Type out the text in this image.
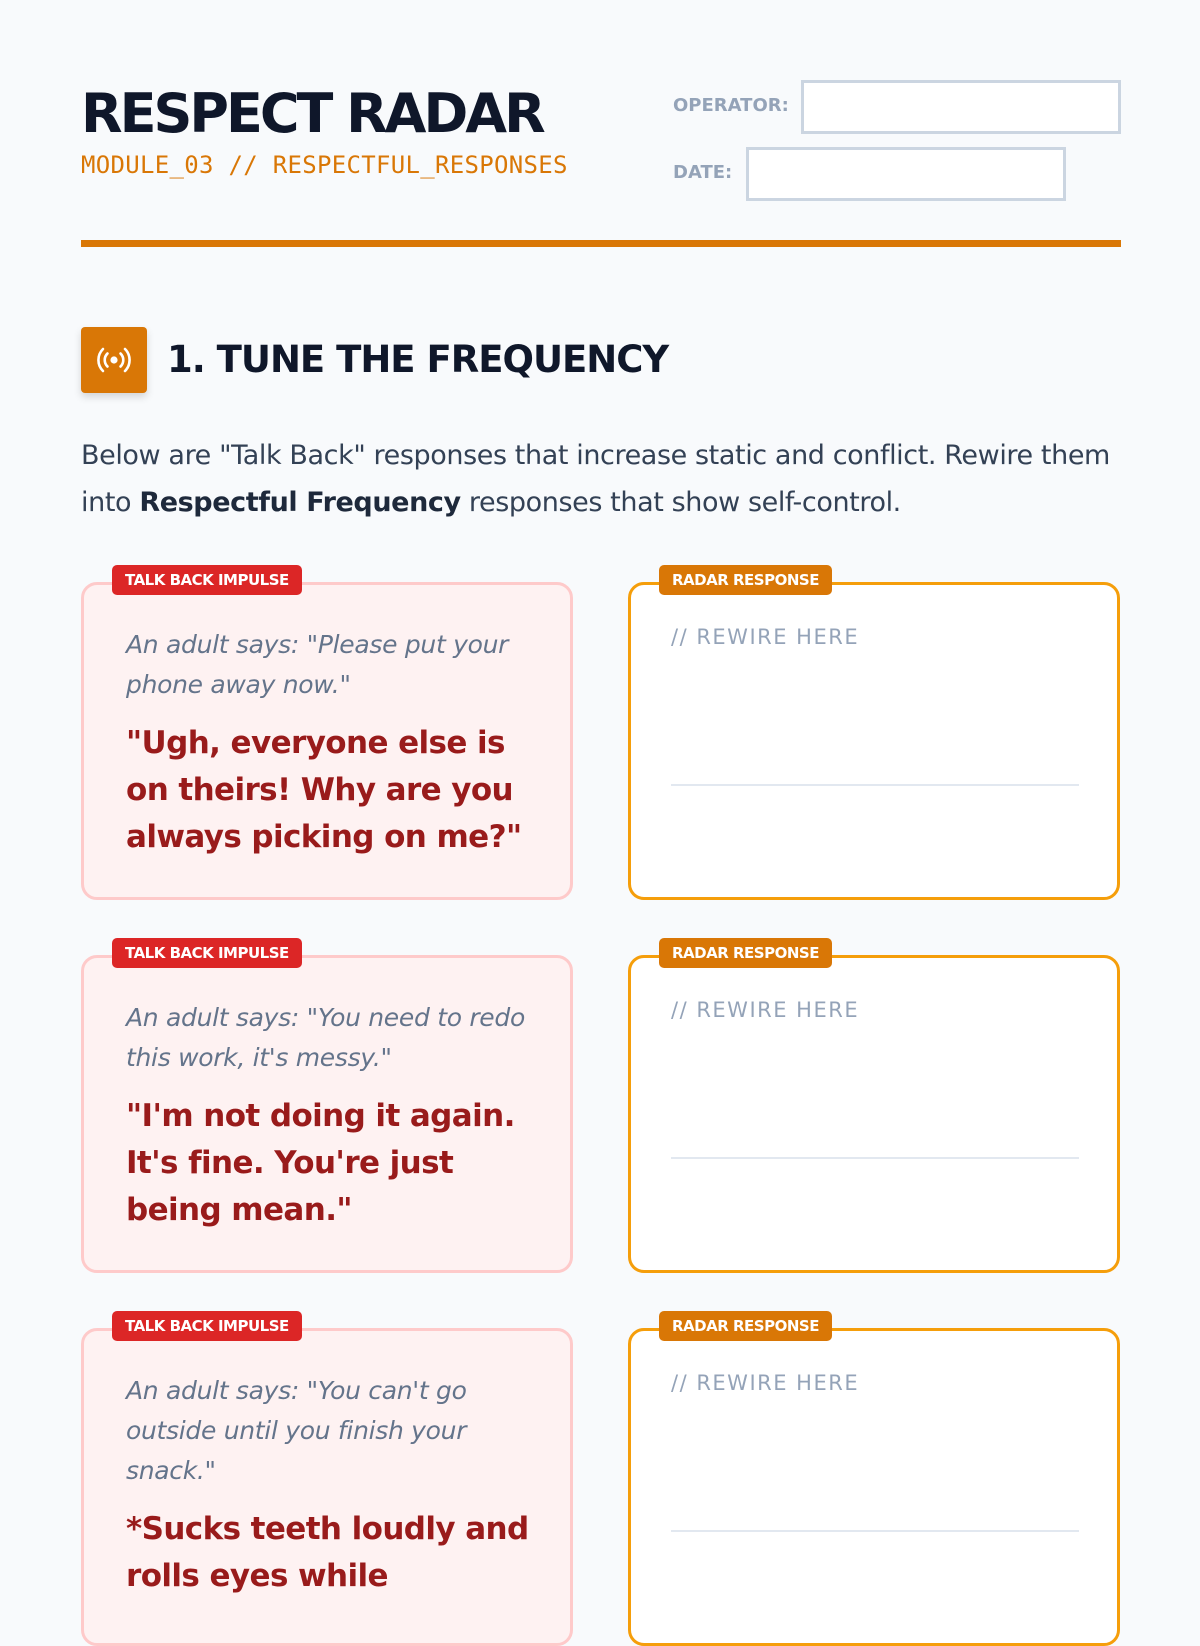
RESPECT RADAR
MODULE_03 // RESPECTFUL_RESPONSES
OPERATOR:
DATE:
1. TUNE THE FREQUENCY
Below are "Talk Back" responses that increase static and conflict. Rewire them into Respectful Frequency responses that show self-control.
TALK BACK IMPULSE
An adult says: "Please put your phone away now."
"Ugh, everyone else is on theirs! Why are you always picking on me?"
RADAR RESPONSE
// REWIRE HERE
TALK BACK IMPULSE
An adult says: "You need to redo this work, it's messy."
"I'm not doing it again. It's fine. You're just being mean."
RADAR RESPONSE
// REWIRE HERE
TALK BACK IMPULSE
An adult says: "You can't go outside until you finish your snack."
*Sucks teeth loudly and rolls eyes while
RADAR RESPONSE
// REWIRE HERE
